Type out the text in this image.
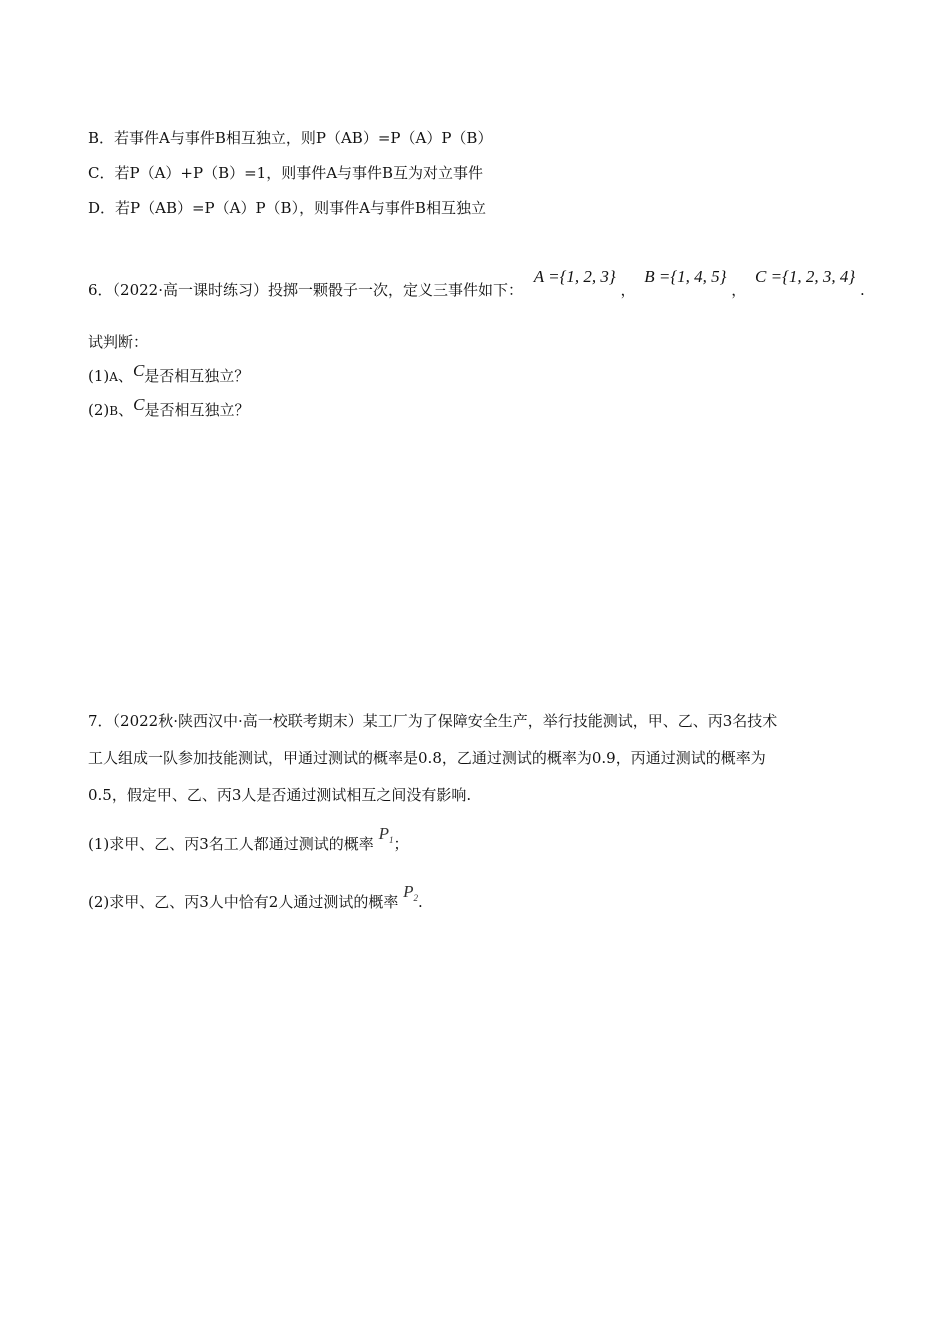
B．若事件A与事件B相互独立，则P（AB）=P（A）P（B）
C．若P（A）+P（B）=1，则事件A与事件B互为对立事件
D．若P（AB）=P（A）P（B），则事件A与事件B相互独立
6．（2022·高一课时练习）投掷一颗骰子一次，定义三事件如下： A ={1, 2, 3} ， B ={1, 4, 5} ， C ={1, 2, 3, 4} .
试判断：
(1)A、C是否相互独立？
(2)B、C是否相互独立？
7．（2022秋·陕西汉中·高一校联考期末）某工厂为了保障安全生产，举行技能测试，甲、乙、丙3名技术
工人组成一队参加技能测试，甲通过测试的概率是0.8，乙通过测试的概率为0.9，丙通过测试的概率为
0.5，假定甲、乙、丙3人是否通过测试相互之间没有影响.
(1)求甲、乙、丙3名工人都通过测试的概率 $P_1$；
(2)求甲、乙、丙3人中恰有2人通过测试的概率 $P_2$.
